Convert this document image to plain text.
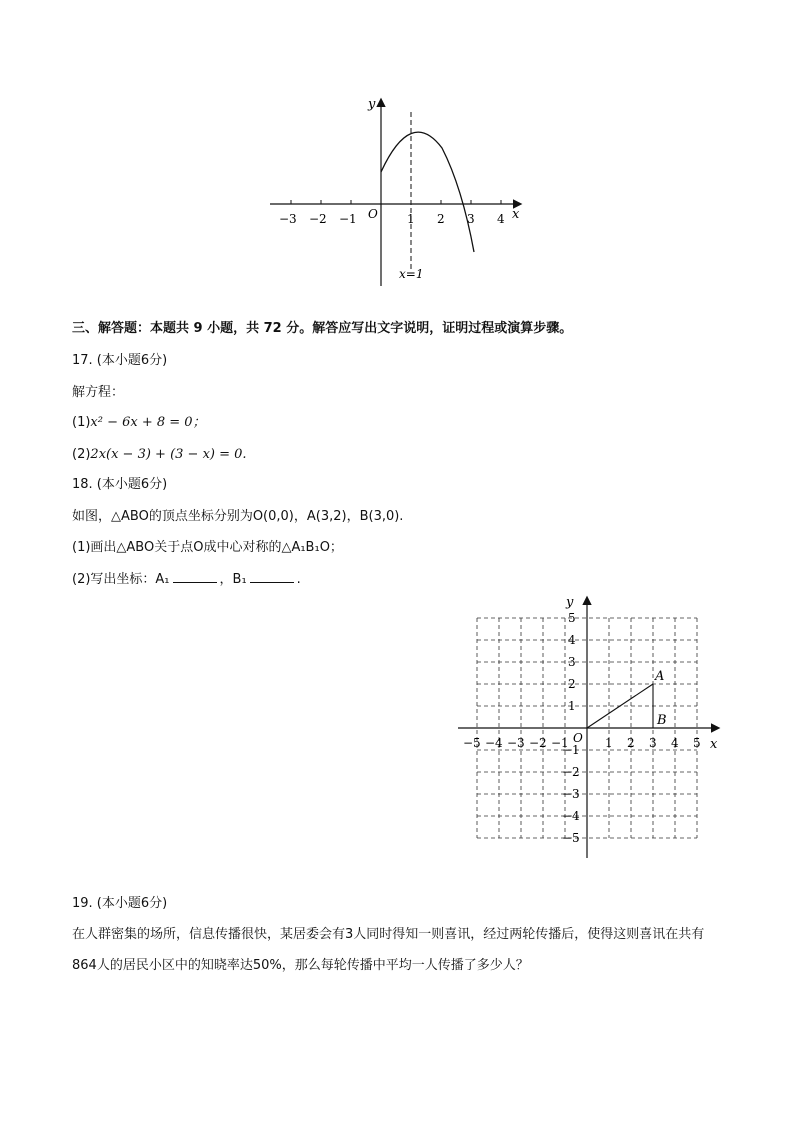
y
x
O
−3 −2 −1	1 2 3 4
x=1
三、解答题：本题共 9 小题，共 72 分。解答应写出文字说明，证明过程或演算步骤。
17. (本小题6分)
解方程：
(1)x² − 6x + 8 = 0；
(2)2x(x − 3) + (3 − x) = 0.
18. (本小题6分)
如图，△ABO的顶点坐标分别为O(0,0)，A(3,2)，B(3,0).
(1)画出△ABO关于点O成中心对称的△A₁B₁O；
(2)写出坐标：A₁	，B₁	.
y
x
O
A
B
−5 −4 −3 −2 −1	1 2 3 4 5
5
4
3
2
1
−1
−2
−3
−4
−5
19. (本小题6分)
在人群密集的场所，信息传播很快，某居委会有3人同时得知一则喜讯，经过两轮传播后，使得这则喜讯在共有864人的居民小区中的知晓率达50%，那么每轮传播中平均一人传播了多少人？
